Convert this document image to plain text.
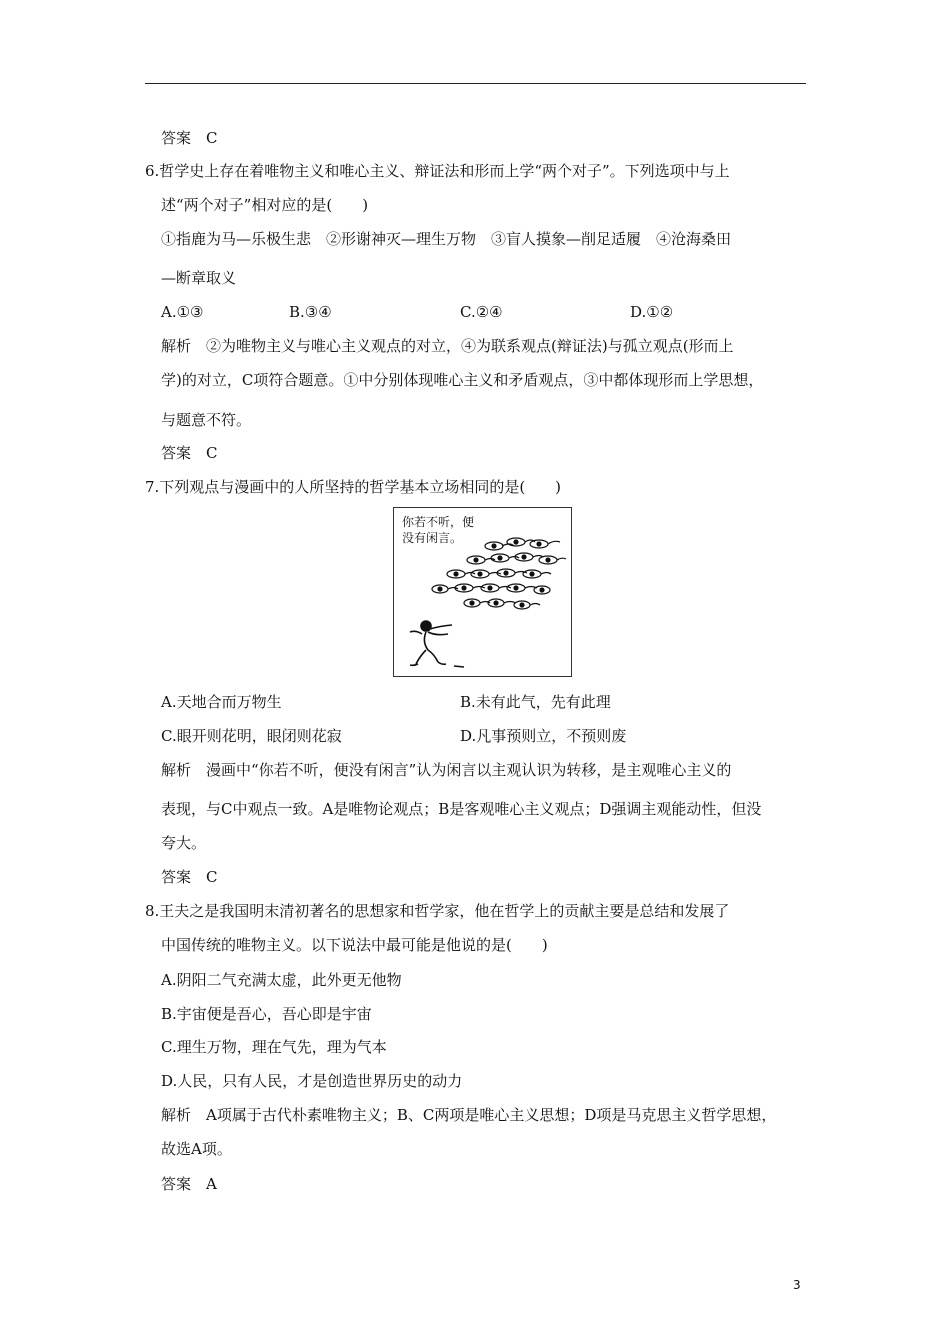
答案　C
6.哲学史上存在着唯物主义和唯心主义、辩证法和形而上学“两个对子”。下列选项中与上
述“两个对子”相对应的是(　　)
①指鹿为马—乐极生悲　②形谢神灭—理生万物　③盲人摸象—削足适履　④沧海桑田
—断章取义
A.①③	B.③④	C.②④	D.①②
解析　②为唯物主义与唯心主义观点的对立，④为联系观点(辩证法)与孤立观点(形而上
学)的对立，C项符合题意。①中分别体现唯心主义和矛盾观点，③中都体现形而上学思想，
与题意不符。
答案　C
7.下列观点与漫画中的人所坚持的哲学基本立场相同的是(　　)
你若不听，便
没有闲言。
A.天地合而万物生	B.未有此气，先有此理
C.眼开则花明，眼闭则花寂	D.凡事预则立，不预则废
解析　漫画中“你若不听，便没有闲言”认为闲言以主观认识为转移，是主观唯心主义的
表现，与C中观点一致。A是唯物论观点；B是客观唯心主义观点；D强调主观能动性，但没
夸大。
答案　C
8.王夫之是我国明末清初著名的思想家和哲学家，他在哲学上的贡献主要是总结和发展了
中国传统的唯物主义。以下说法中最可能是他说的是(　　)
A.阴阳二气充满太虚，此外更无他物
B.宇宙便是吾心，吾心即是宇宙
C.理生万物，理在气先，理为气本
D.人民，只有人民，才是创造世界历史的动力
解析　A项属于古代朴素唯物主义；B、C两项是唯心主义思想；D项是马克思主义哲学思想，
故选A项。
答案　A
3
